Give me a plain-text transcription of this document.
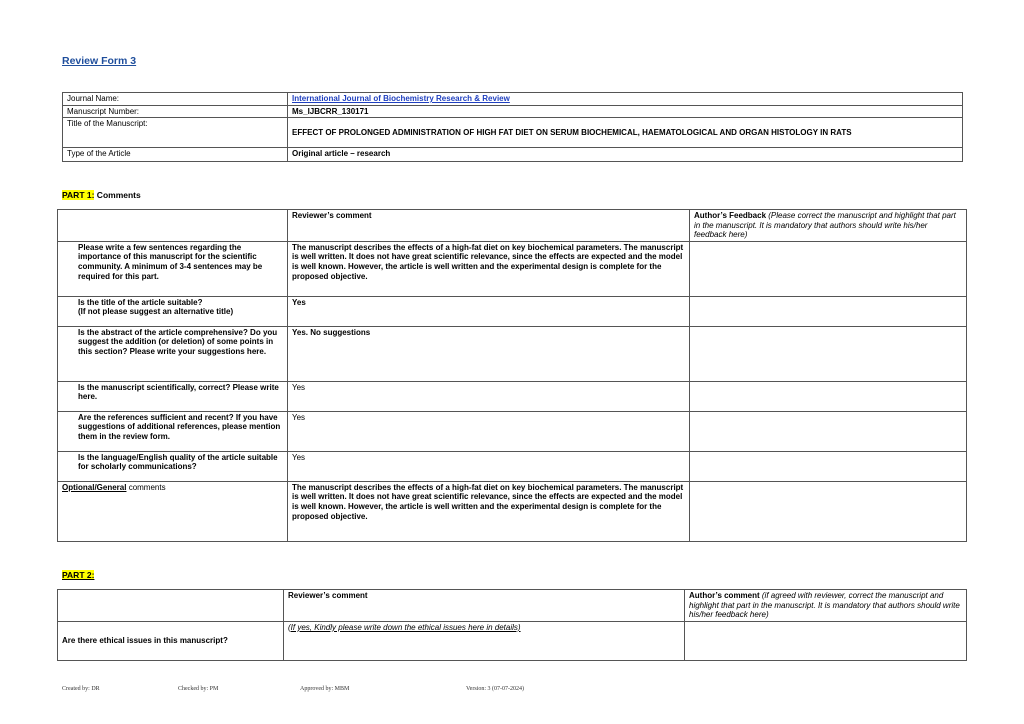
Review Form 3
Journal Name:	International Journal of Biochemistry Research & Review
Manuscript Number:	Ms_IJBCRR_130171
Title of the Manuscript:	EFFECT OF PROLONGED ADMINISTRATION OF HIGH FAT DIET ON SERUM BIOCHEMICAL, HAEMATOLOGICAL AND ORGAN HISTOLOGY IN RATS
Type of the Article	Original article – research
PART 1: Comments
	Reviewer’s comment	Author’s Feedback (Please correct the manuscript and highlight that part in the manuscript. It is mandatory that authors should write his/her feedback here)
Please write a few sentences regarding the importance of this manuscript for the scientific community. A minimum of 3-4 sentences may be required for this part.	The manuscript describes the effects of a high-fat diet on key biochemical parameters. The manuscript is well written. It does not have great scientific relevance, since the effects are expected and the model is well known. However, the article is well written and the experimental design is complete for the proposed objective.	
Is the title of the article suitable?
(If not please suggest an alternative title)	Yes	
Is the abstract of the article comprehensive? Do you suggest the addition (or deletion) of some points in this section? Please write your suggestions here.	Yes. No suggestions	
Is the manuscript scientifically, correct? Please write here.	Yes	
Are the references sufficient and recent? If you have suggestions of additional references, please mention them in the review form.	Yes	
Is the language/English quality of the article suitable for scholarly communications?	Yes	
Optional/General comments	The manuscript describes the effects of a high-fat diet on key biochemical parameters. The manuscript is well written. It does not have great scientific relevance, since the effects are expected and the model is well known. However, the article is well written and the experimental design is complete for the proposed objective.	
PART 2:
	Reviewer’s comment	Author’s comment (if agreed with reviewer, correct the manuscript and highlight that part in the manuscript. It is mandatory that authors should write his/her feedback here)
Are there ethical issues in this manuscript?	(If yes, Kindly please write down the ethical issues here in details)	
Created by: DR	Checked by: PM	Approved by: MBM	Version: 3 (07-07-2024)
